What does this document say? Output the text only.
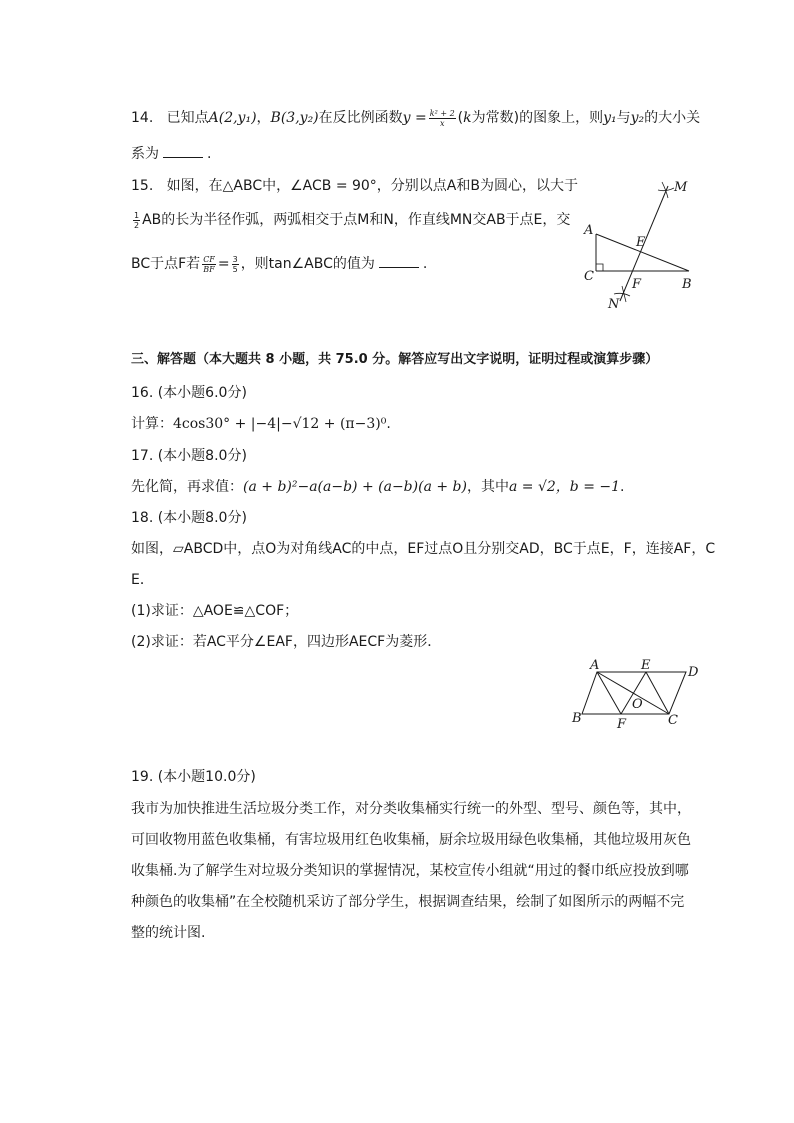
14. 已知点A(2,y₁)，B(3,y₂)在反比例函数$y = \frac{\text{k² + 2}}{x} (k$为常数)的图象上，则y₁与y₂的大小关
系为	.
15. 如图，在△ABC中，∠ACB = 90°，分别以点A和B为圆心，以大于
$\frac{1}{2}$ AB的长为半径作弧，两弧相交于点M和N，作直线MN交AB于点E，交
BC于点F若 $\frac{CF}{BF} = \frac{3}{5}$ ，则tan∠ABC的值为	.
A
C
B
E
F
M
N
三、解答题（本大题共 8 小题，共 75.0 分。解答应写出文字说明，证明过程或演算步骤）
16. (本小题6.0分)
计算：4cos30° + |−4|−√12 + (π−3)⁰.
17. (本小题8.0分)
先化简，再求值：(a + b)²−a(a−b) + (a−b)(a + b)，其中a = √2，b = −1.
18. (本小题8.0分)
如图，▱ABCD中，点O为对角线AC的中点，EF过点O且分别交AD，BC于点E，F，连接AF，C
E．
(1)求证：△AOE≌△COF；
(2)求证：若AC平分∠EAF，四边形AECF为菱形．
A	E	D
B	F	C
O
19. (本小题10.0分)
我市为加快推进生活垃圾分类工作，对分类收集桶实行统一的外型、型号、颜色等，其中，
可回收物用蓝色收集桶，有害垃圾用红色收集桶，厨余垃圾用绿色收集桶，其他垃圾用灰色
收集桶.为了解学生对垃圾分类知识的掌握情况，某校宣传小组就“用过的餐巾纸应投放到哪
种颜色的收集桶”在全校随机采访了部分学生，根据调查结果，绘制了如图所示的两幅不完
整的统计图.
